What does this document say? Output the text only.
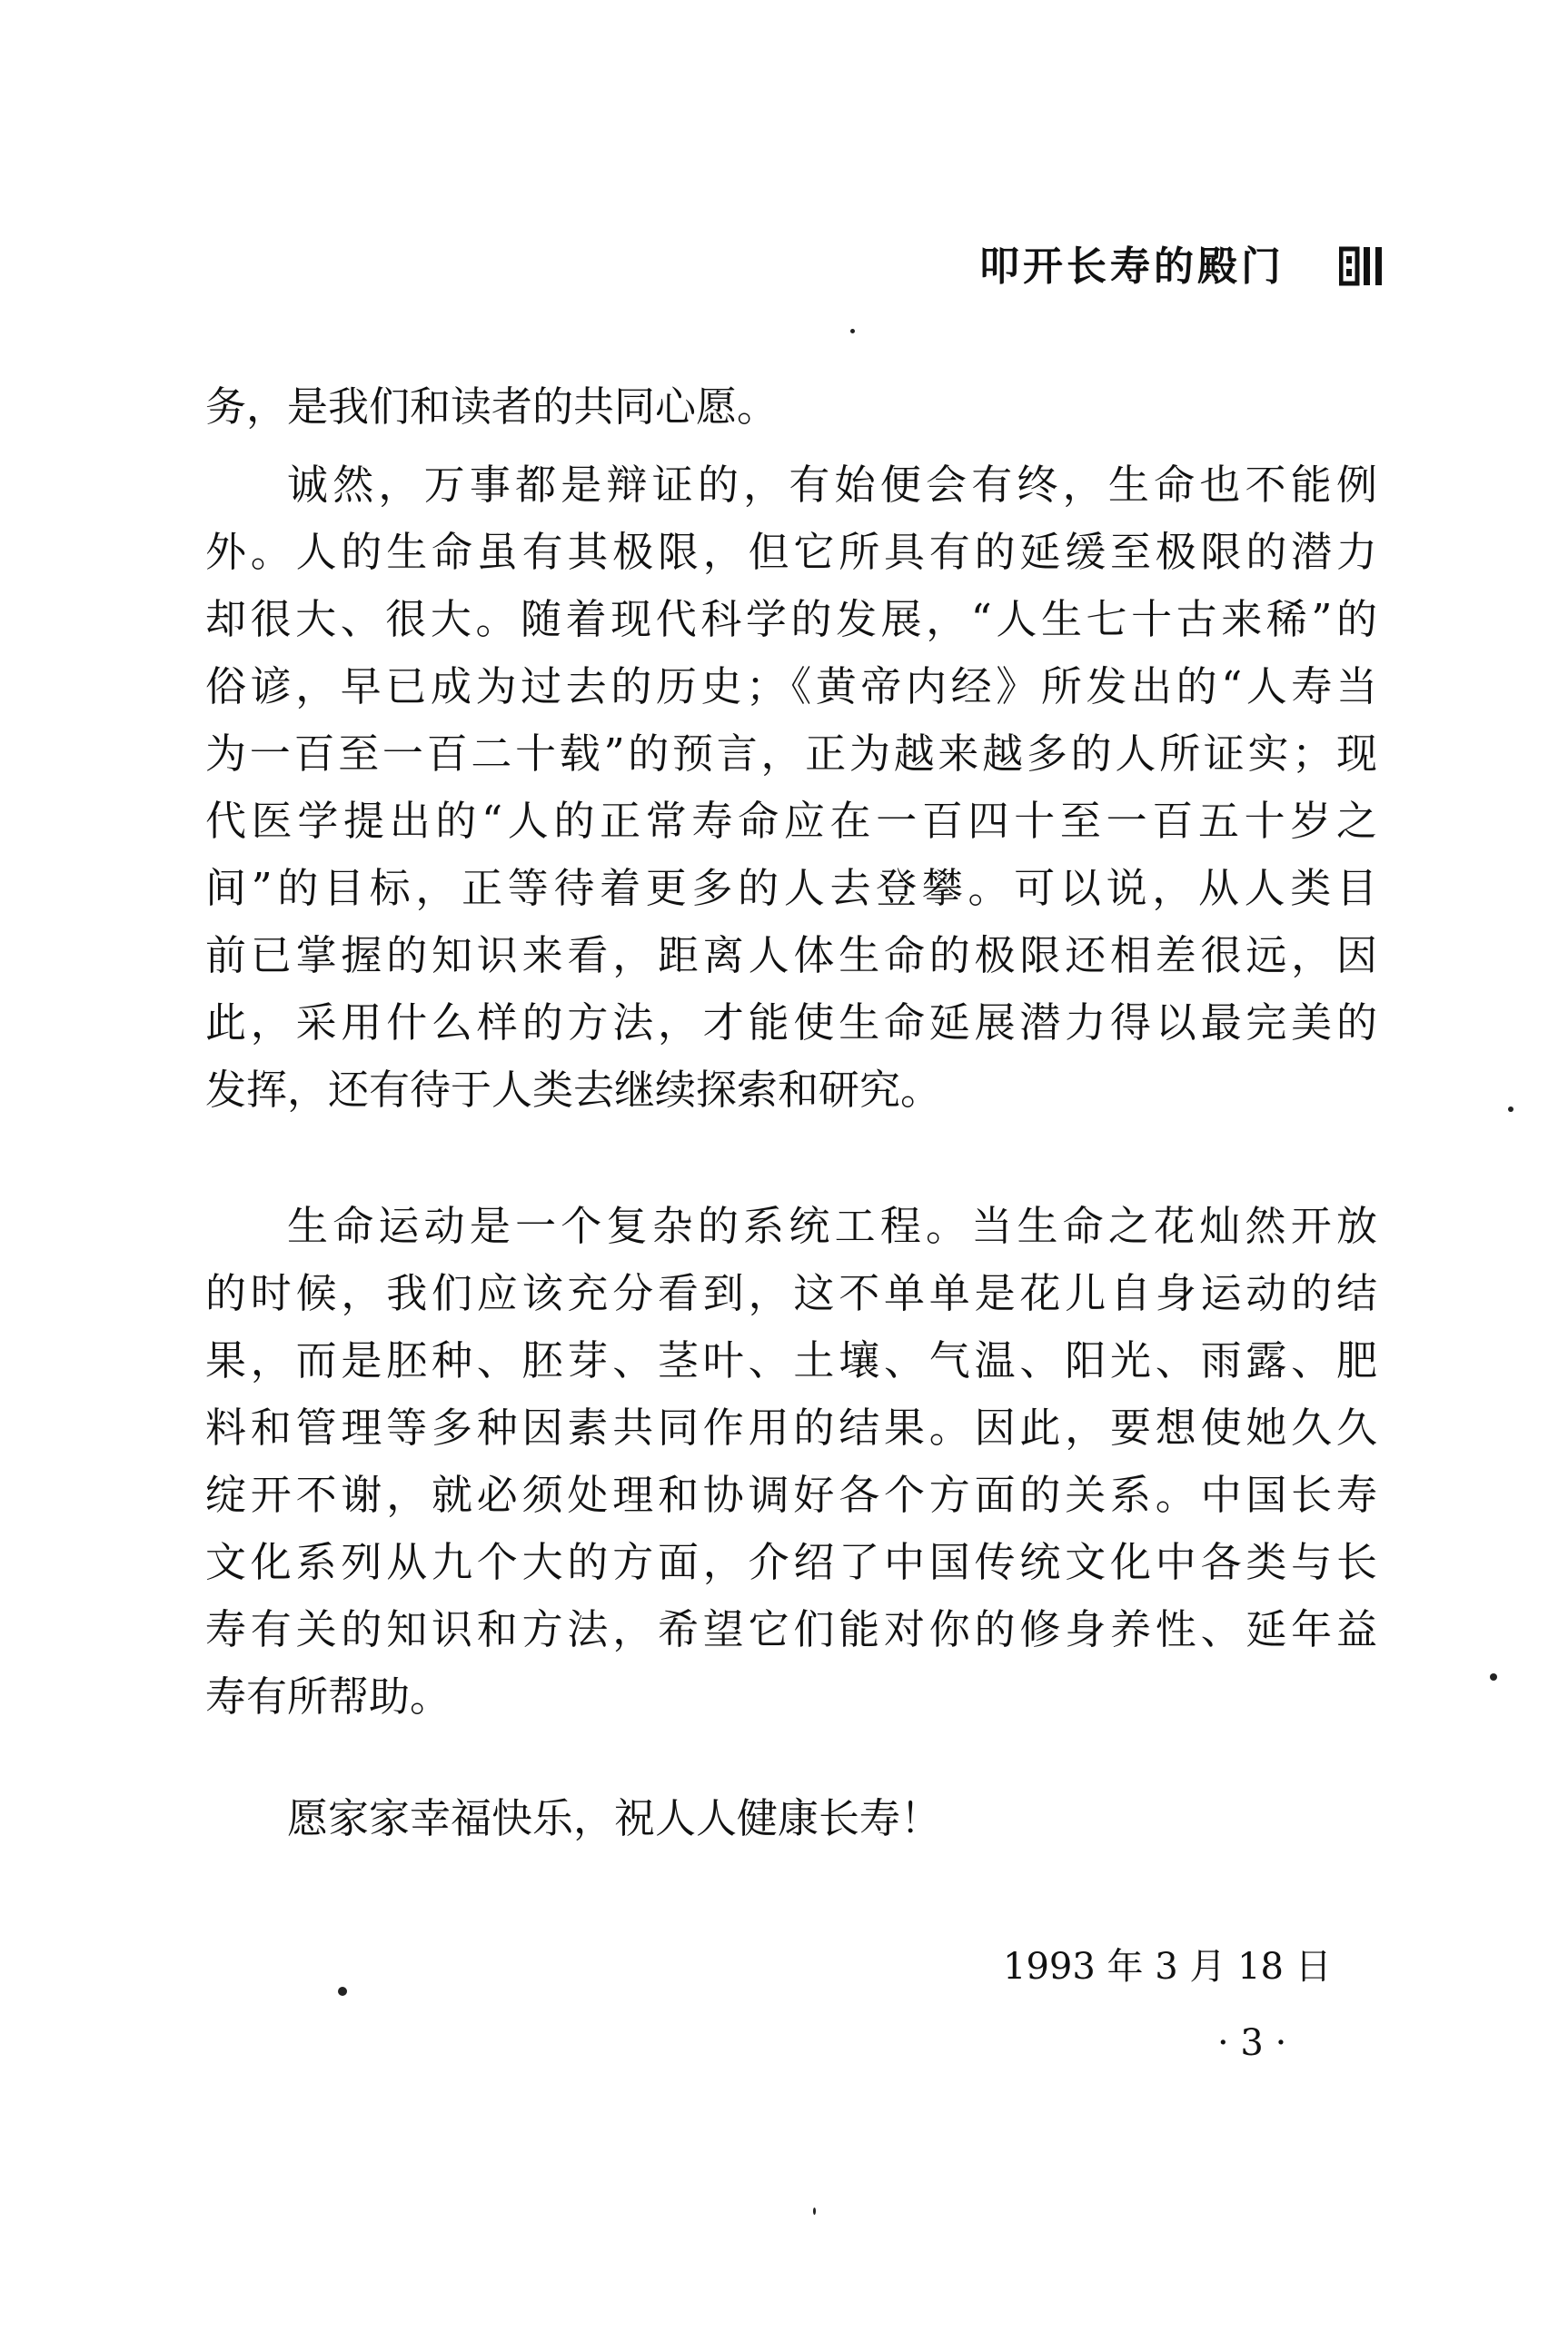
叩开长寿的殿门
务，是我们和读者的共同心愿。
诚然，万事都是辩证的，有始便会有终，生命也不能例
外。人的生命虽有其极限，但它所具有的延缓至极限的潜力
却很大、很大。随着现代科学的发展，“人生七十古来稀”的
俗谚，早已成为过去的历史；《黄帝内经》所发出的“人寿当
为一百至一百二十载”的预言，正为越来越多的人所证实；现
代医学提出的“人的正常寿命应在一百四十至一百五十岁之
间”的目标，正等待着更多的人去登攀。可以说，从人类目
前已掌握的知识来看，距离人体生命的极限还相差很远，因
此，采用什么样的方法，才能使生命延展潜力得以最完美的
发挥，还有待于人类去继续探索和研究。
生命运动是一个复杂的系统工程。当生命之花灿然开放
的时候，我们应该充分看到，这不单单是花儿自身运动的结
果，而是胚种、胚芽、茎叶、土壤、气温、阳光、雨露、肥
料和管理等多种因素共同作用的结果。因此，要想使她久久
绽开不谢，就必须处理和协调好各个方面的关系。中国长寿
文化系列从九个大的方面，介绍了中国传统文化中各类与长
寿有关的知识和方法，希望它们能对你的修身养性、延年益
寿有所帮助。
愿家家幸福快乐，祝人人健康长寿！
1993 年 3 月 18 日
· 3 ·
